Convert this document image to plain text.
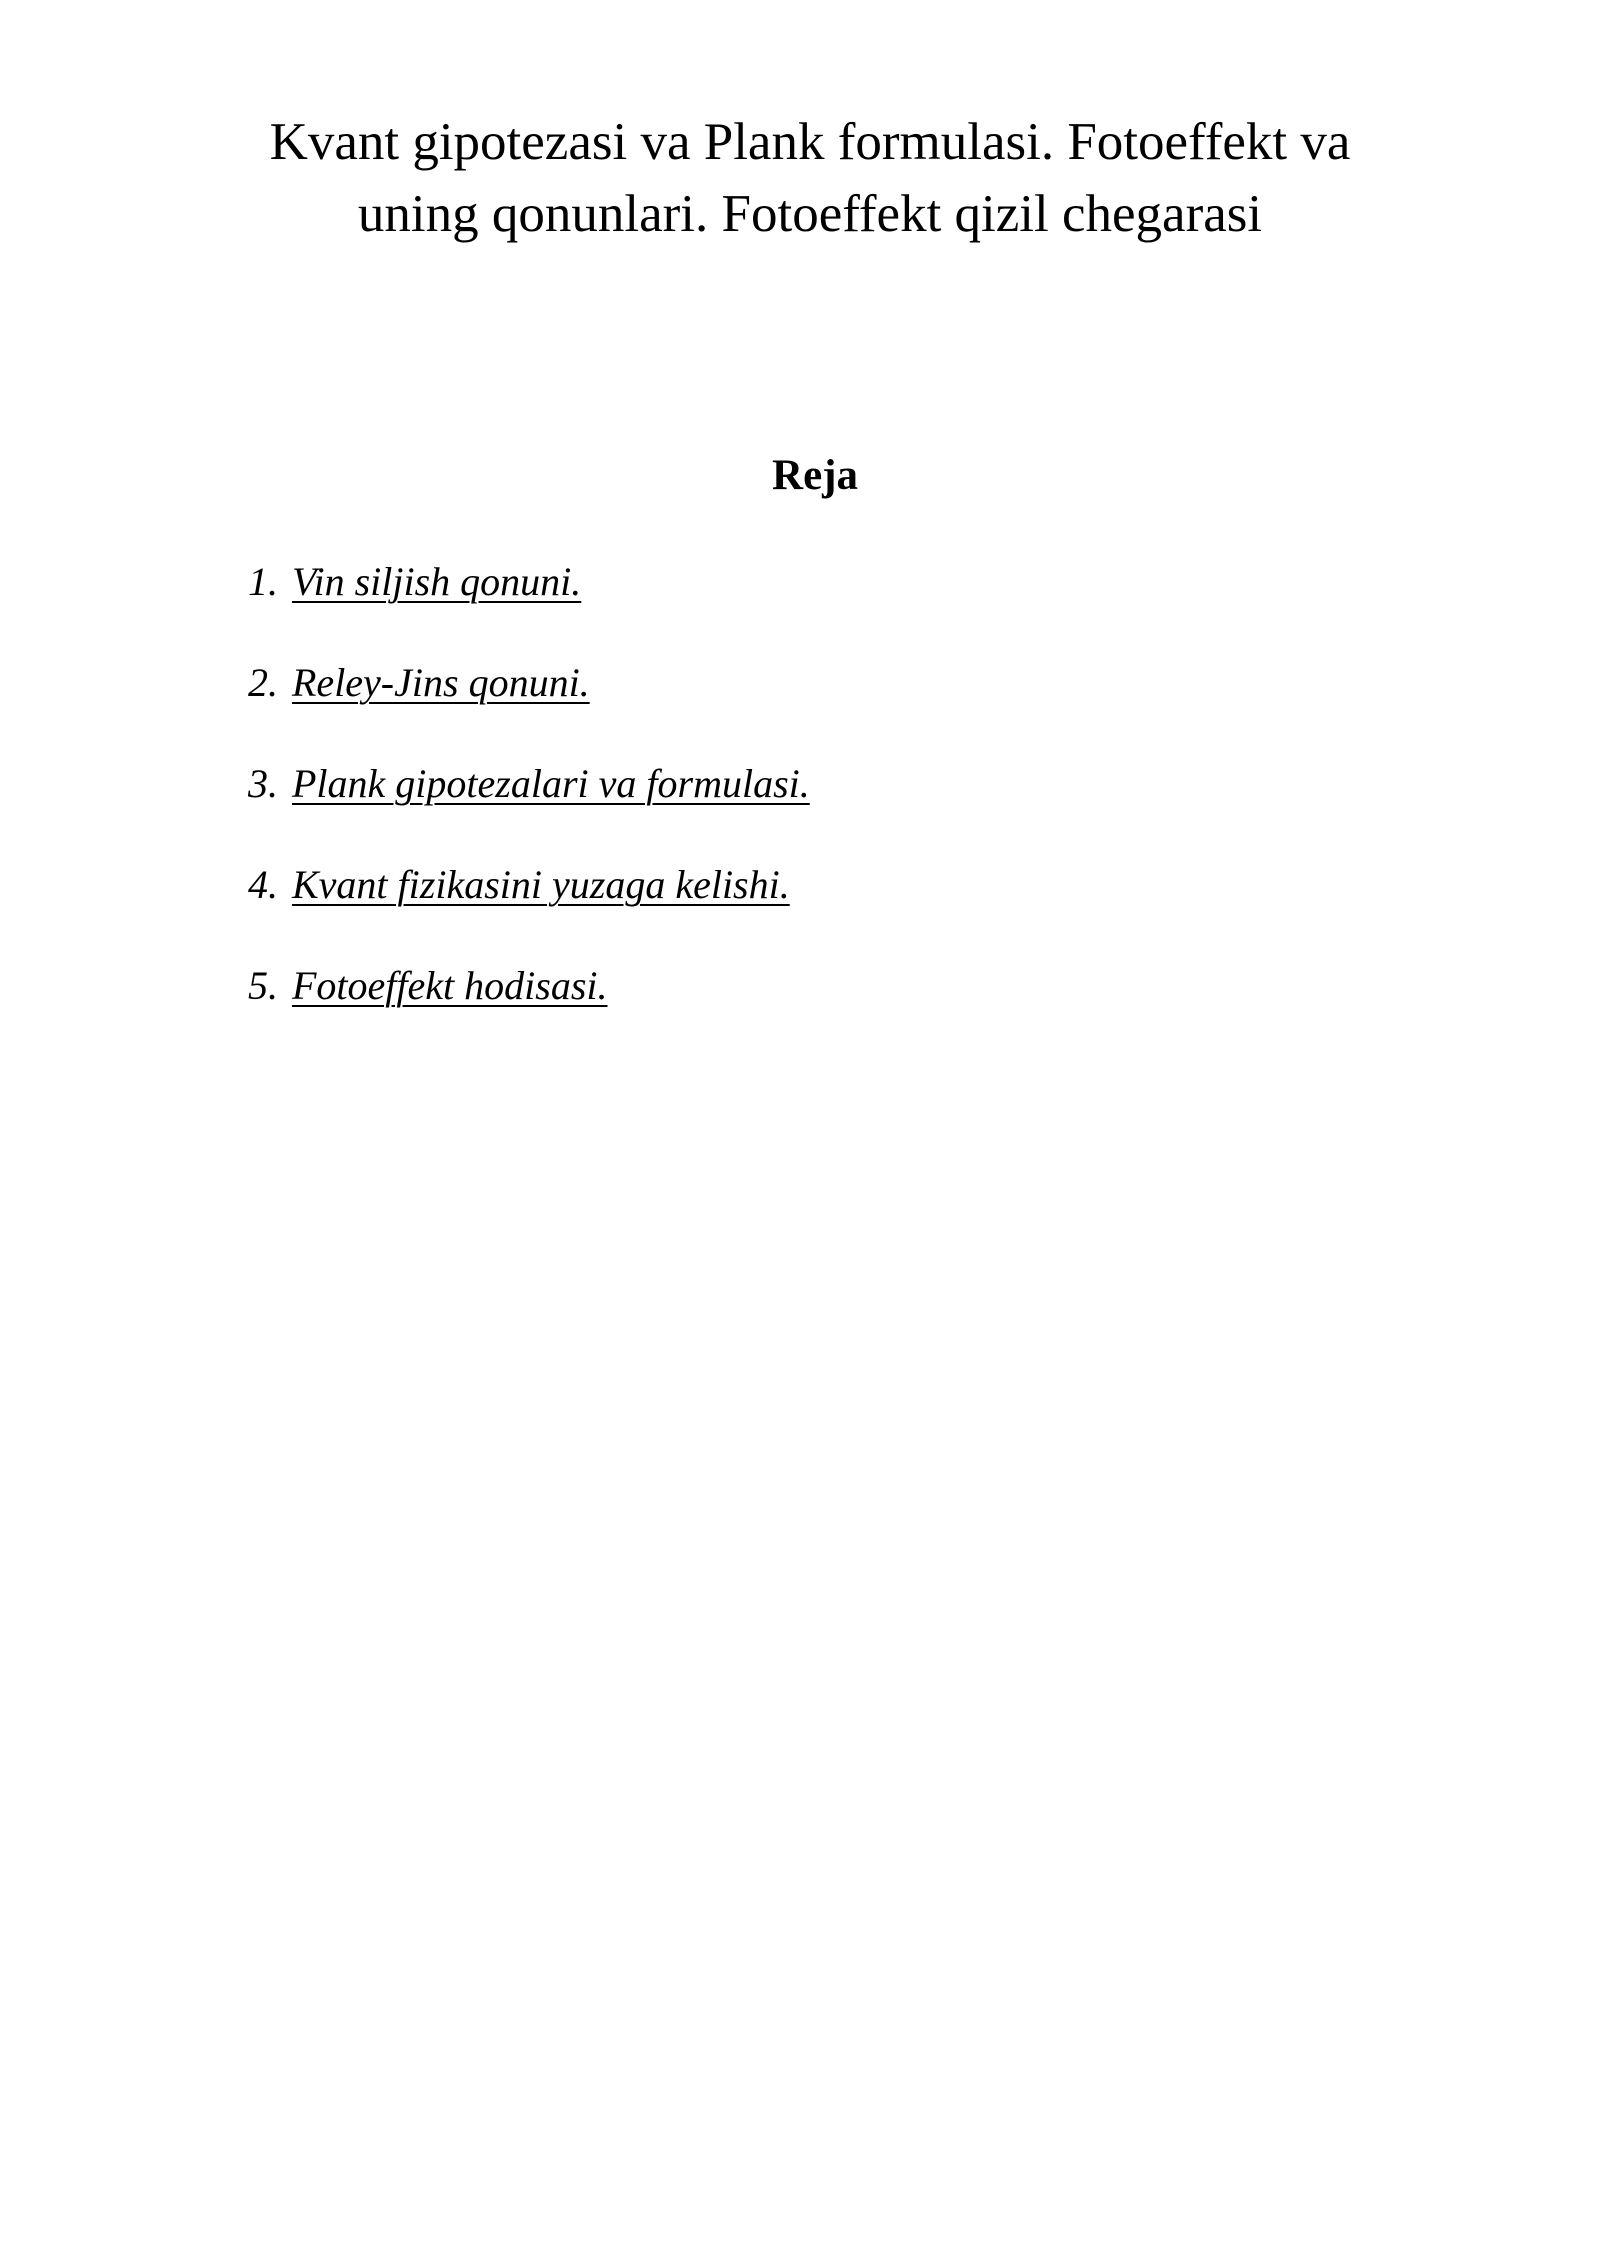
Kvant gipotezasi va Plank formulasi. Fotoeffekt va
uning qonunlari. Fotoeffekt qizil chegarasi
Reja
1. Vin siljish qonuni.
2. Reley-Jins qonuni.
3. Plank gipotezalari va formulasi.
4. Kvant fizikasini yuzaga kelishi.
5. Fotoeffekt hodisasi.
